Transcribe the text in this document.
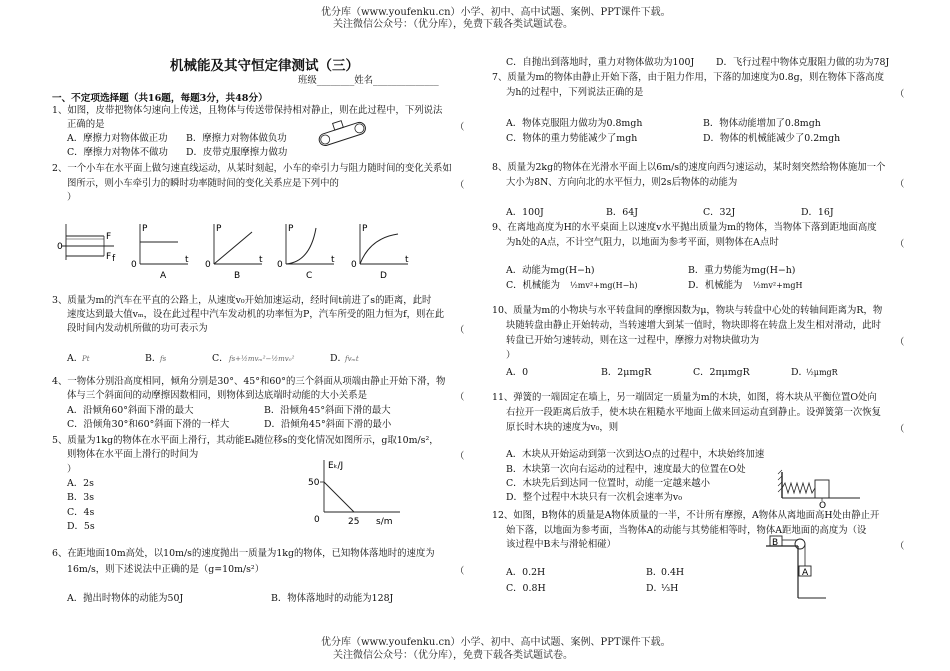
优分库（www.youfenku.cn）小学、初中、高中试题、案例、PPT课件下载。
关注微信公众号：（优分库），免费下载各类试题试卷。
优分库（www.youfenku.cn）小学、初中、高中试题、案例、PPT课件下载。
关注微信公众号：（优分库），免费下载各类试题试卷。
机械能及其守恒定律测试（三）
班级________姓名______________
一、不定项选择题（共16题，每题3分，共48分）
1、如图，皮带把物体匀速向上传送，且物体与传送带保持相对静止，则在此过程中，下列说法
（
正确的是
A．摩擦力对物体做正功 B．摩擦力对物体做负功
C．摩擦力对物体不做功 D．皮带克服摩擦力做功
2、一个小车在水平面上做匀速直线运动，从某时刻起，小车的牵引力与阻力随时间的变化关系如
图所示，则小车牵引力的瞬时功率随时间的变化关系应是下列中的	（
）
F
F f
0
P
t
0
A
P
t
0
B
P
t
0
C
P
t
0
D
3、质量为m的汽车在平直的公路上，从速度v₀开始加速运动，经时间t前进了s的距离，此时
速度达到最大值vₘ，设在此过程中汽车发动机的功率恒为P，汽车所受的阻力恒为f，则在此
段时间内发动机所做的功可表示为	（
A．
Pt	B．
fs	C． fs+½mvₘ²−½mv₀²	D．
fvₘt
4、一物体分别沿高度相同，倾角分别是30°、45°和60°的三个斜面从项端由静止开始下滑，物
体与三个斜面间的动摩擦因数相同，则物体到达底端时动能的大小关系是	（
A．沿倾角60°斜面下滑的最大	B．沿倾角45°斜面下滑的最大
C．沿倾角30°和60°斜面下滑的一样大	D．沿倾角45°斜面下滑的最小
5、质量为1kg的物体在水平面上滑行，其动能Eₖ随位移s的变化情况如图所示，g取10m/s²，
则物体在水平面上滑行的时间为	（
）
A．2s
B．3s
C．4s
D．5s
Eₖ/J
50
0	25 s/m
6、在距地面10m高处，以10m/s的速度抛出一质量为1kg的物体，已知物体落地时的速度为
16m/s，则下述说法中正确的是（g=10m/s²）	（
A．抛出时物体的动能为50J	B．物体落地时的动能为128J
C．自抛出到落地时，重力对物体做功为100J D．飞行过程中物体克服阻力做的功为78J
7、质量为m的物体由静止开始下落，由于阻力作用，下落的加速度为0.8g，则在物体下落高度
为h的过程中，下列说法正确的是	（
A．物体克服阻力做功为0.8mgh	B．物体动能增加了0.8mgh
C．物体的重力势能减少了mgh	D．物体的机械能减少了0.2mgh
8、质量为2kg的物体在光滑水平面上以6m/s的速度向西匀速运动，某时刻突然给物体施加一个
大小为8N、方向向北的水平恒力，则2s后物体的动能为	（
A．100J	B．64J	C．32J	D．16J
9、在离地高度为H的水平桌面上以速度v水平抛出质量为m的物体，当物体下落到距地面高度
为h处的A点，不计空气阻力，以地面为参考平面，则物体在A点时	（
A．动能为mg(H−h)	B．重力势能为mg(H−h)
C．机械能为 ½mv²+mg(H−h)	D．机械能为 ½mv²+mgH
10、质量为m的小物块与水平转盘间的摩擦因数为μ，物块与转盘中心处的转轴间距离为R，物
块随转盘由静止开始转动，当转速增大到某一值时，物块即将在转盘上发生相对滑动，此时
转盘已开始匀速转动，则在这一过程中，摩擦力对物块做功为	（
）
A．0	B．2μmgR	C．2πμmgR	D．
½μmgR
11、弹簧的一端固定在墙上，另一端固定一质量为m的木块，如图，将木块从平衡位置O处向
右拉开一段距离后放手，使木块在粗糙水平地面上做来回运动直到静止。设弹簧第一次恢复
原长时木块的速度为v₀，则	（
A．木块从开始运动到第一次到达O点的过程中，木块始终加速
B．木块第一次向右运动的过程中，速度最大的位置在O处
C．木块先后到达同一位置时，动能一定越来越小
D．整个过程中木块只有一次机会速率为v₀
O
12、如图，B物体的质量是A物体质量的一半，不计所有摩擦，A物体从离地面高H处由静止开
始下落，以地面为参考面，当物体A的动能与其势能相等时，物体A距地面的高度为（设
该过程中B未与滑轮相碰）	（
A．0.2H	B．
0.4H
C．0.8H	D．
⅓H
B
A
